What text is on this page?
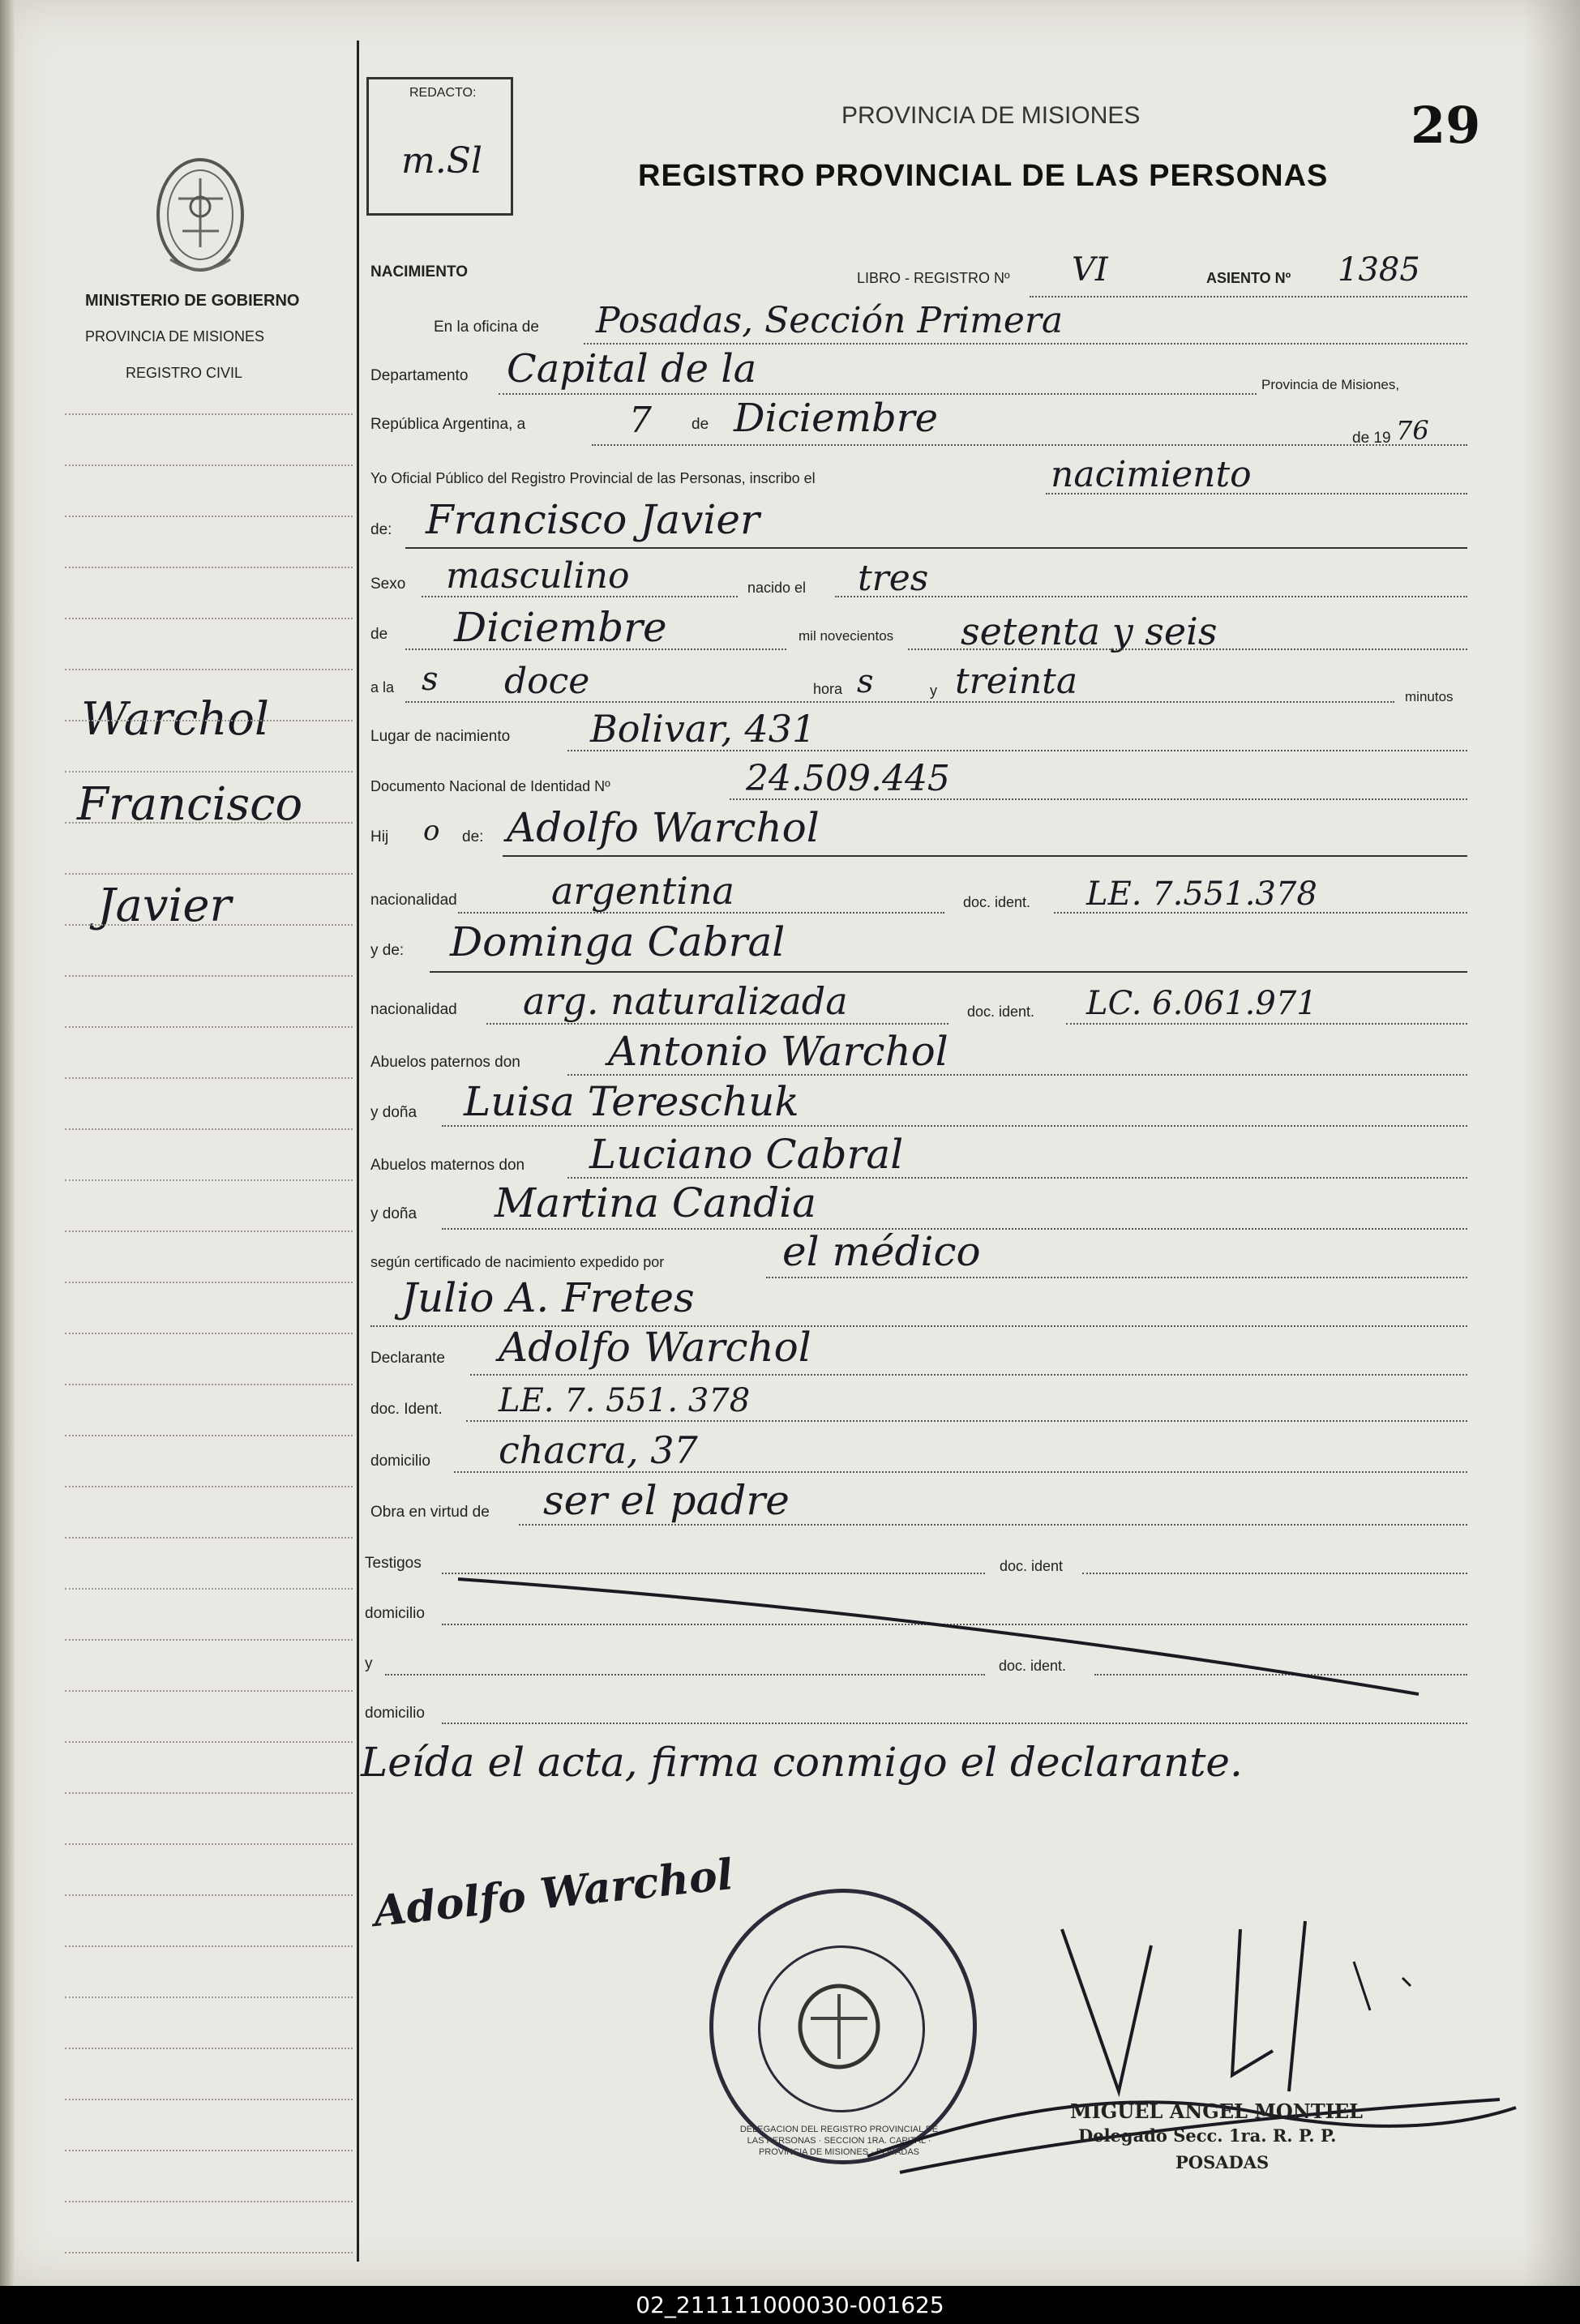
MINISTERIO DE GOBIERNO
PROVINCIA DE MISIONES
REGISTRO CIVIL
Warchol
Francisco
Javier
REDACTO:
m.Sl
PROVINCIA DE MISIONES
REGISTRO PROVINCIAL DE LAS PERSONAS
29
NACIMIENTO	LIBRO - REGISTRO Nº VI	ASIENTO Nº 1385
En la oficina de Posadas, Sección Primera
Departamento Capital de la	Provincia de Misiones,
República Argentina, a	7	de Diciembre	de 19 76
Yo Oficial Público del Registro Provincial de las Personas, inscribo el	nacimiento
de: Francisco Javier
Sexo masculino	nacido el tres
de Diciembre	mil novecientos setenta y seis
a la s doce	hora s	y treinta	minutos
Lugar de nacimiento Bolivar, 431
Documento Nacional de Identidad Nº	24.509.445
Hij o de: Adolfo Warchol
nacionalidad	argentina	doc. ident. LE. 7.551.378
y de: Dominga Cabral
nacionalidad arg. naturalizada	doc. ident. LC. 6.061.971
Abuelos paternos don Antonio Warchol
y doña Luisa Tereschuk
Abuelos maternos don Luciano Cabral
y doña Martina Candia
según certificado de nacimiento expedido por	el médico
Julio A. Fretes
Declarante Adolfo Warchol
doc. Ident. LE. 7. 551. 378
domicilio chacra, 37
Obra en virtud de ser el padre
Testigos	doc. ident
domicilio
y	doc. ident.
domicilio
Leída el acta, firma conmigo el declarante.
Adolfo Warchol
DELEGACION DEL REGISTRO PROVINCIAL DE LAS PERSONAS · SECCION 1RA. CAPITAL · PROVINCIA DE MISIONES · POSADAS
MIGUEL ANGEL MONTIEL
Delegado Secc. 1ra. R. P. P.
POSADAS
02_211111000030-001625
